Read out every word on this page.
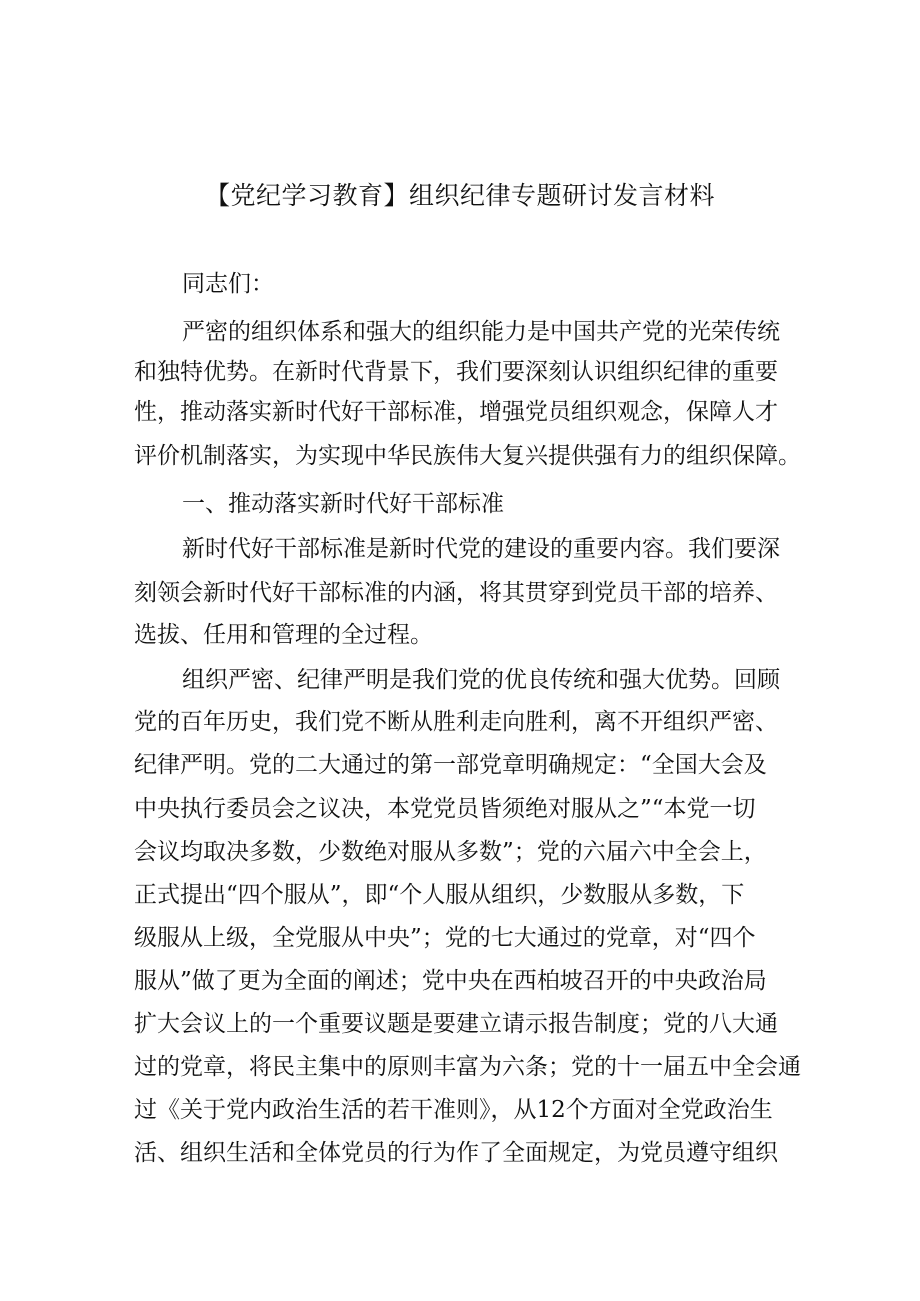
【党纪学习教育】组织纪律专题研讨发言材料

同志们：

严密的组织体系和强大的组织能力是中国共产党的光荣传统

和独特优势。在新时代背景下，我们要深刻认识组织纪律的重要

性，推动落实新时代好干部标准，增强党员组织观念，保障人才

评价机制落实，为实现中华民族伟大复兴提供强有力的组织保障。

一、推动落实新时代好干部标准

新时代好干部标准是新时代党的建设的重要内容。我们要深

刻领会新时代好干部标准的内涵，将其贯穿到党员干部的培养、

选拔、任用和管理的全过程。

组织严密、纪律严明是我们党的优良传统和强大优势。回顾

党的百年历史，我们党不断从胜利走向胜利，离不开组织严密、

纪律严明。党的二大通过的第一部党章明确规定：“全国大会及

中央执行委员会之议决，本党党员皆须绝对服从之”“本党一切

会议均取决多数，少数绝对服从多数”；党的六届六中全会上，

正式提出“四个服从”，即“个人服从组织，少数服从多数，下

级服从上级，全党服从中央”；党的七大通过的党章，对“四个

服从”做了更为全面的阐述；党中央在西柏坡召开的中央政治局

扩大会议上的一个重要议题是要建立请示报告制度；党的八大通

过的党章，将民主集中的原则丰富为六条；党的十一届五中全会通

过《关于党内政治生活的若干准则》，从12个方面对全党政治生

活、组织生活和全体党员的行为作了全面规定，为党员遵守组织
